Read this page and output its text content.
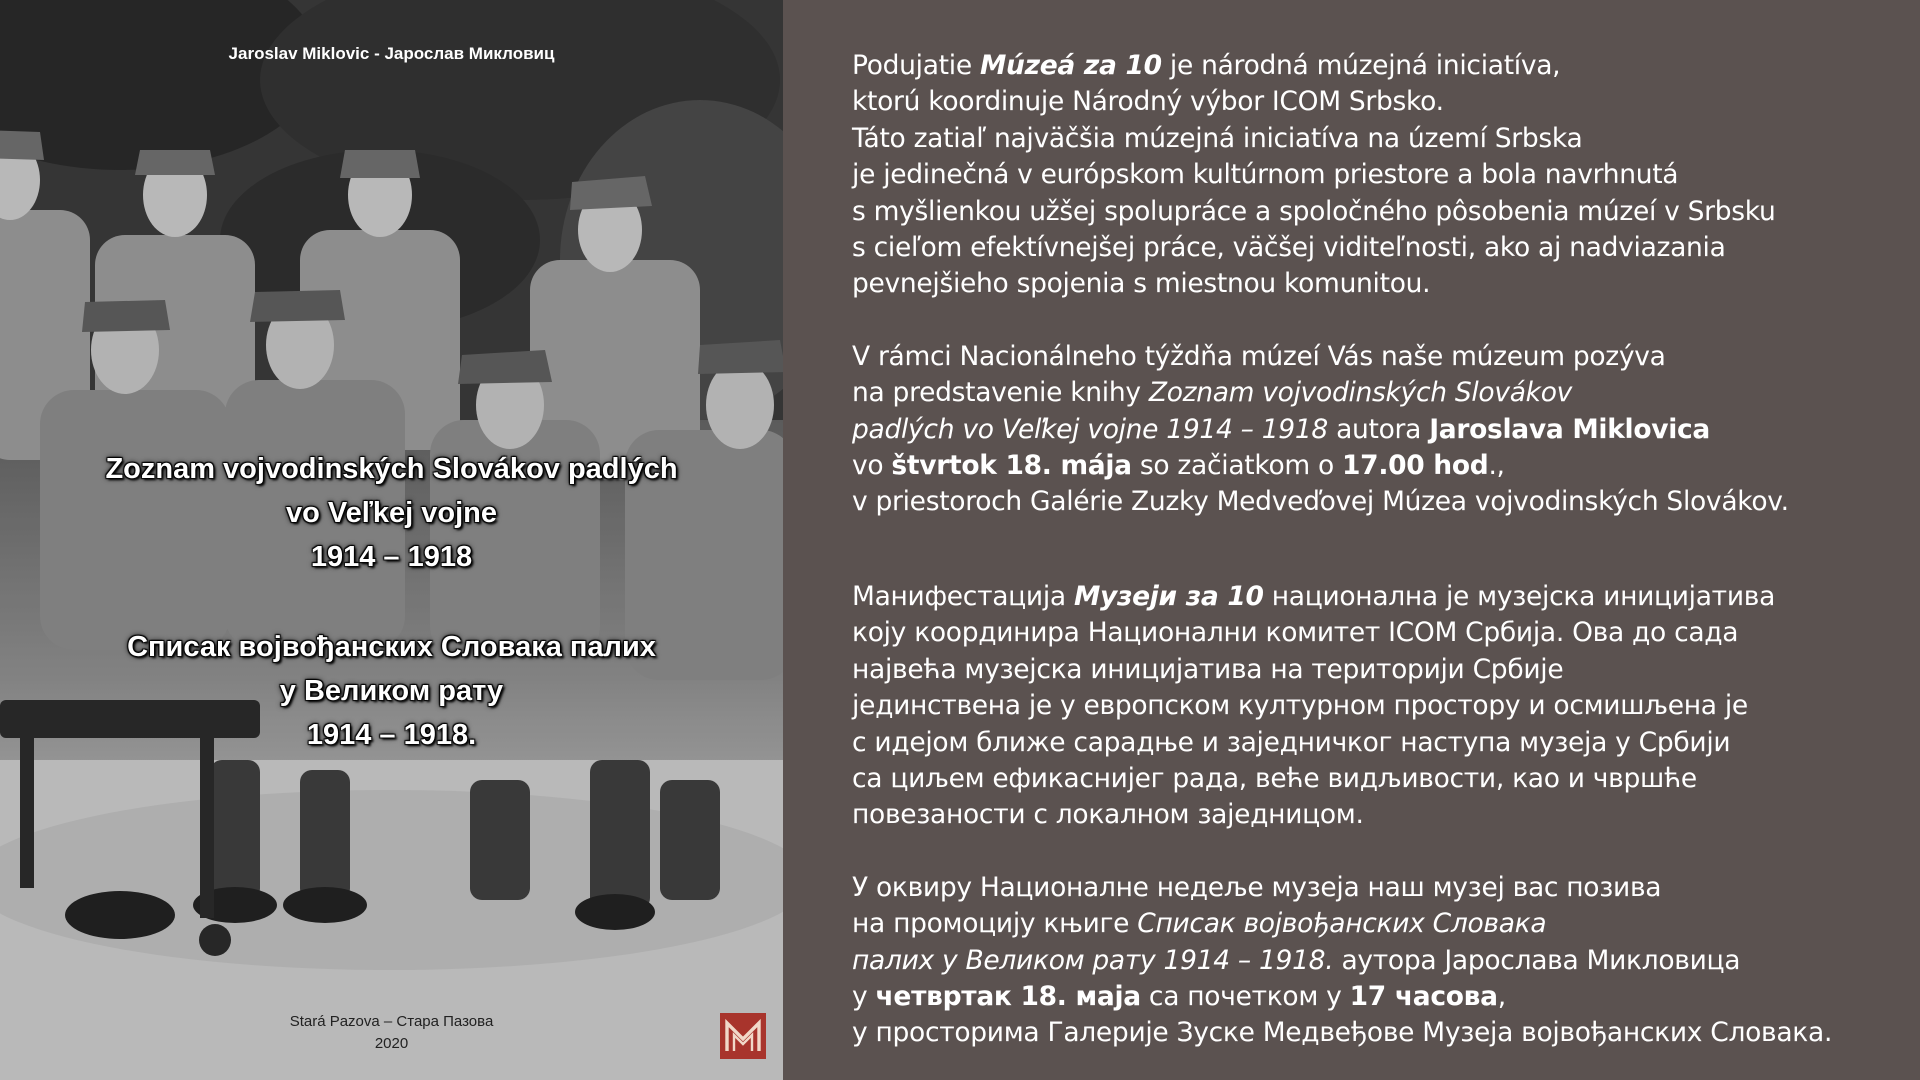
Jaroslav Miklovic - Јарослав Микловиц

Zoznam vojvodinských Slovákov padlých
vo Veľkej vojne
1914 – 1918
Списак војвођанских Словака палих
у Великом рату
1914 – 1918.
Stará Pazova – Стара Пазова
2020

Podujatie Múzeá za 10 je národná múzejná iniciatíva,

ktorú koordinuje Národný výbor ICOM Srbsko.

Táto zatiaľ najväčšia múzejná iniciatíva na území Srbska

je jedinečná v európskom kultúrnom priestore a bola navrhnutá

s myšlienkou užšej spolupráce a spoločného pôsobenia múzeí v Srbsku

s cieľom efektívnejšej práce, väčšej viditeľnosti, ako aj nadviazania

pevnejšieho spojenia s miestnou komunitou.

V rámci Nacionálneho týždňa múzeí Vás naše múzeum pozýva

na predstavenie knihy Zoznam vojvodinských Slovákov

padlých vo Veľkej vojne 1914 – 1918 autora Jaroslava Miklovica

vo štvrtok 18. mája so začiatkom o 17.00 hod.,

v priestoroch Galérie Zuzky Medveďovej Múzea vojvodinských Slovákov.

Манифестација Музеји за 10 национална је музејска иницијатива

коју координира Национални комитет ICOM Србија. Ова до сада

највећа музејска иницијатива на територији Србије

јединствена је у европском културном простору и осмишљена је

с идејом ближе сарадње и заједничког наступа музеја у Србији

са циљем ефикаснијег рада, веће видљивости, као и чвршће

повезаности с локалном заједницом.

У оквиру Националне недеље музеја наш музеј вас позива

на промоцију књиге Списак војвођанских Словака

палих у Великом рату 1914 – 1918. аутора Јарослава Микловица

у четвртак 18. маја са почетком у 17 часова,

у просторима Галерије Зуске Медвеђове Музеја војвођанских Словака.
